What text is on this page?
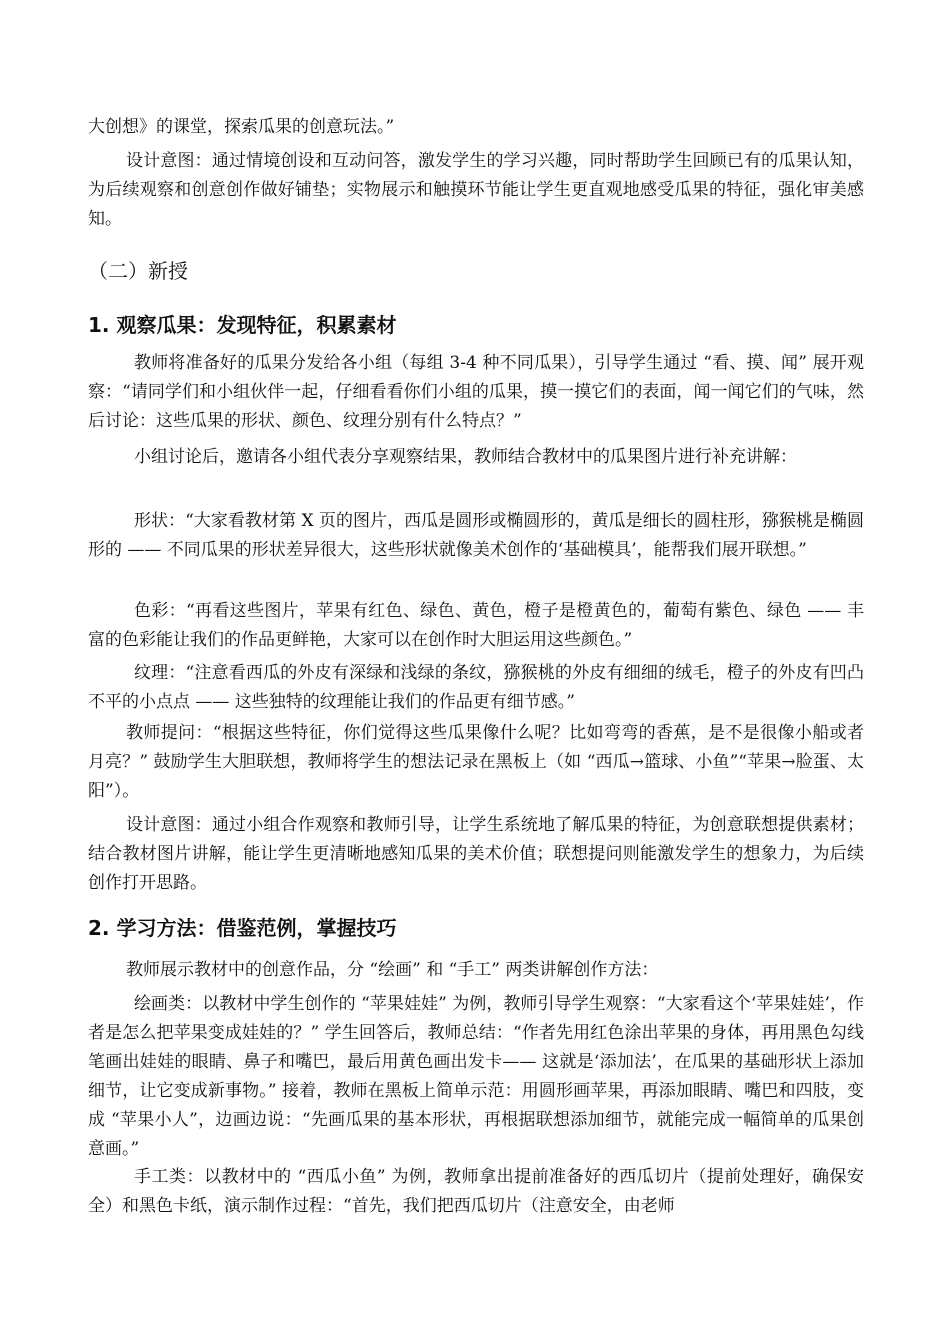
大创想》的课堂，探索瓜果的创意玩法。”

设计意图：通过情境创设和互动问答，激发学生的学习兴趣，同时帮助学生回顾已有的瓜果认知，为后续观察和创意创作做好铺垫；实物展示和触摸环节能让学生更直观地感受瓜果的特征，强化审美感知。

（二）新授
1. 观察瓜果：发现特征，积累素材

教师将准备好的瓜果分发给各小组（每组 3-4 种不同瓜果），引导学生通过 “看、摸、闻” 展开观察：“请同学们和小组伙伴一起，仔细看看你们小组的瓜果，摸一摸它们的表面，闻一闻它们的气味，然后讨论：这些瓜果的形状、颜色、纹理分别有什么特点？”

小组讨论后，邀请各小组代表分享观察结果，教师结合教材中的瓜果图片进行补充讲解：

形状：“大家看教材第 X 页的图片，西瓜是圆形或椭圆形的，黄瓜是细长的圆柱形，猕猴桃是椭圆形的 —— 不同瓜果的形状差异很大，这些形状就像美术创作的‘基础模具’，能帮我们展开联想。”

色彩：“再看这些图片，苹果有红色、绿色、黄色，橙子是橙黄色的，葡萄有紫色、绿色 —— 丰富的色彩能让我们的作品更鲜艳，大家可以在创作时大胆运用这些颜色。”

纹理：“注意看西瓜的外皮有深绿和浅绿的条纹，猕猴桃的外皮有细细的绒毛，橙子的外皮有凹凸不平的小点点 —— 这些独特的纹理能让我们的作品更有细节感。”

教师提问：“根据这些特征，你们觉得这些瓜果像什么呢？比如弯弯的香蕉，是不是很像小船或者月亮？” 鼓励学生大胆联想，教师将学生的想法记录在黑板上（如 “西瓜→篮球、小鱼”“苹果→脸蛋、太阳”）。

设计意图：通过小组合作观察和教师引导，让学生系统地了解瓜果的特征，为创意联想提供素材；结合教材图片讲解，能让学生更清晰地感知瓜果的美术价值；联想提问则能激发学生的想象力，为后续创作打开思路。

2. 学习方法：借鉴范例，掌握技巧

教师展示教材中的创意作品，分 “绘画” 和 “手工” 两类讲解创作方法：

绘画类：以教材中学生创作的 “苹果娃娃” 为例，教师引导学生观察：“大家看这个‘苹果娃娃’，作者是怎么把苹果变成娃娃的？” 学生回答后，教师总结：“作者先用红色涂出苹果的身体，再用黑色勾线笔画出娃娃的眼睛、鼻子和嘴巴，最后用黄色画出发卡—— 这就是‘添加法’，在瓜果的基础形状上添加细节，让它变成新事物。” 接着，教师在黑板上简单示范：用圆形画苹果，再添加眼睛、嘴巴和四肢，变成 “苹果小人”，边画边说：“先画瓜果的基本形状，再根据联想添加细节，就能完成一幅简单的瓜果创意画。”

手工类：以教材中的 “西瓜小鱼” 为例，教师拿出提前准备好的西瓜切片（提前处理好，确保安全）和黑色卡纸，演示制作过程：“首先，我们把西瓜切片（注意安全，由老师
